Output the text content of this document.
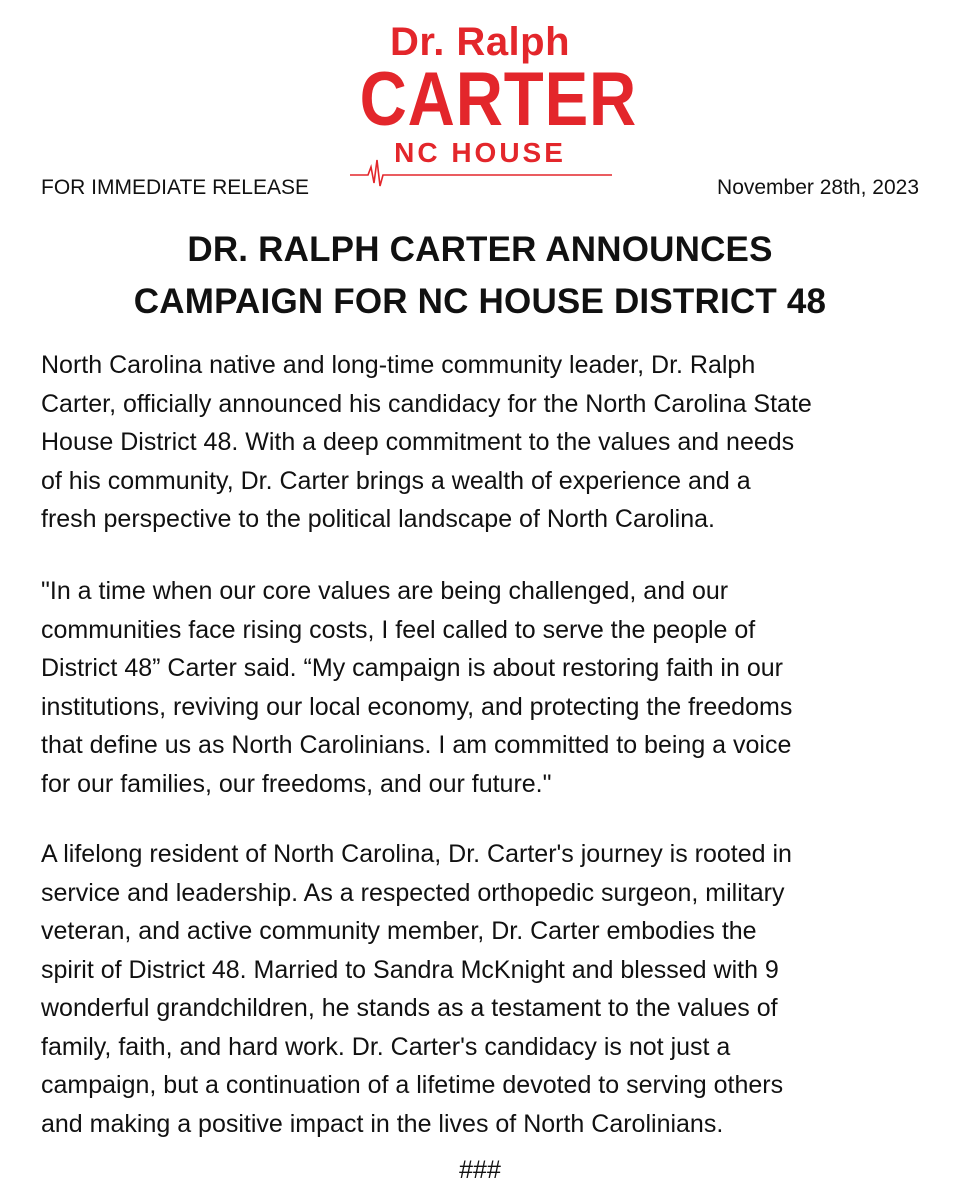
Dr. Ralph
CARTER
NC HOUSE
FOR IMMEDIATE RELEASE	November 28th, 2023
DR. RALPH CARTER ANNOUNCES
CAMPAIGN FOR NC HOUSE DISTRICT 48

North Carolina native and long-time community leader, Dr. Ralph
Carter, officially announced his candidacy for the North Carolina State
House District 48. With a deep commitment to the values and needs
of his community, Dr. Carter brings a wealth of experience and a
fresh perspective to the political landscape of North Carolina.

"In a time when our core values are being challenged, and our
communities face rising costs, I feel called to serve the people of
District 48” Carter said. “My campaign is about restoring faith in our
institutions, reviving our local economy, and protecting the freedoms
that define us as North Carolinians. I am committed to being a voice
for our families, our freedoms, and our future."

A lifelong resident of North Carolina, Dr. Carter's journey is rooted in
service and leadership. As a respected orthopedic surgeon, military
veteran, and active community member, Dr. Carter embodies the
spirit of District 48. Married to Sandra McKnight and blessed with 9
wonderful grandchildren, he stands as a testament to the values of
family, faith, and hard work. Dr. Carter's candidacy is not just a
campaign, but a continuation of a lifetime devoted to serving others
and making a positive impact in the lives of North Carolinians.

###
